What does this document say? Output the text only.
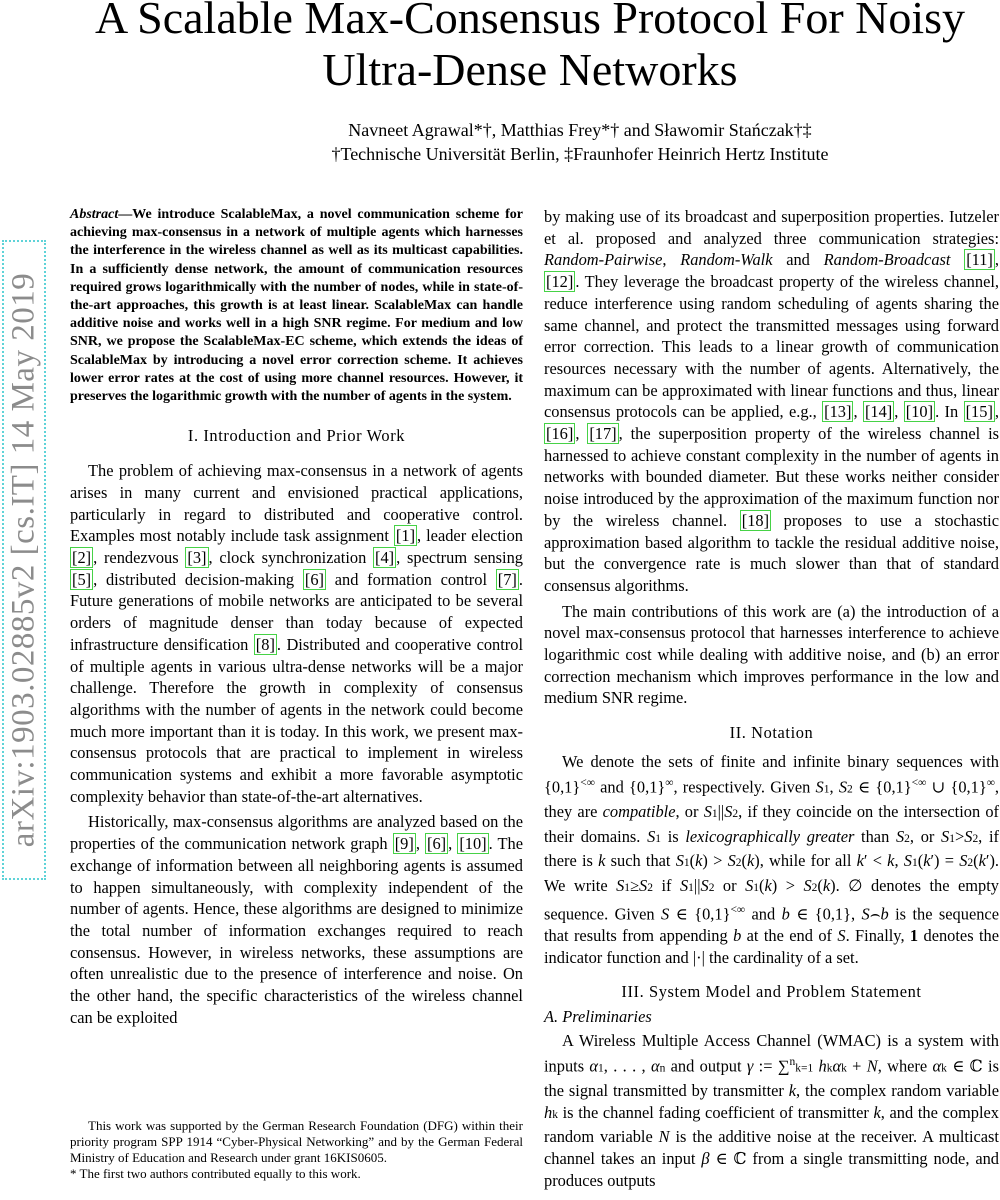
A Scalable Max-Consensus Protocol For Noisy Ultra-Dense Networks
Navneet Agrawal*†, Matthias Frey*† and Sławomir Stańczak†‡
†Technische Universität Berlin, ‡Fraunhofer Heinrich Hertz Institute
arXiv:1903.02885v2 [cs.IT] 14 May 2019

Abstract—We introduce ScalableMax, a novel communication scheme for achieving max-consensus in a network of multiple agents which harnesses the interference in the wireless channel as well as its multicast capabilities. In a sufficiently dense network, the amount of communication resources required grows logarithmically with the number of nodes, while in state-of-the-art approaches, this growth is at least linear. ScalableMax can handle additive noise and works well in a high SNR regime. For medium and low SNR, we propose the ScalableMax-EC scheme, which extends the ideas of ScalableMax by introducing a novel error correction scheme. It achieves lower error rates at the cost of using more channel resources. However, it preserves the logarithmic growth with the number of agents in the system.

I. Introduction and Prior Work

The problem of achieving max-consensus in a network of agents arises in many current and envisioned practical applications, particularly in regard to distributed and cooperative control. Examples most notably include task assignment [1] , leader election [2] , rendezvous [3] , clock synchronization [4] , spectrum sensing [5] , distributed decision-making [6] and formation control [7] . Future generations of mobile networks are anticipated to be several orders of magnitude denser than today because of expected infrastructure densification [8] . Distributed and cooperative control of multiple agents in various ultra-dense networks will be a major challenge. Therefore the growth in complexity of consensus algorithms with the number of agents in the network could become much more important than it is today. In this work, we present max-consensus protocols that are practical to implement in wireless communication systems and exhibit a more favorable asymptotic complexity behavior than state-of-the-art alternatives.

Historically, max-consensus algorithms are analyzed based on the properties of the communication network graph [9] , [6] , [10] . The exchange of information between all neighboring agents is assumed to happen simultaneously, with complexity independent of the number of agents. Hence, these algorithms are designed to minimize the total number of information exchanges required to reach consensus. However, in wireless networks, these assumptions are often unrealistic due to the presence of interference and noise. On the other hand, the specific characteristics of the wireless channel can be exploited

This work was supported by the German Research Foundation (DFG) within their priority program SPP 1914 “Cyber-Physical Networking” and by the German Federal Ministry of Education and Research under grant 16KIS0605.
* The first two authors contributed equally to this work.

by making use of its broadcast and superposition properties. Iutzeler et al. proposed and analyzed three communication strategies: Random-Pairwise, Random-Walk and Random-Broadcast [11] , [12] . They leverage the broadcast property of the wireless channel, reduce interference using random scheduling of agents sharing the same channel, and protect the transmitted messages using forward error correction. This leads to a linear growth of communication resources necessary with the number of agents. Alternatively, the maximum can be approximated with linear functions and thus, linear consensus protocols can be applied, e.g., [13] , [14] , [10] . In [15] , [16] , [17] , the superposition property of the wireless channel is harnessed to achieve constant complexity in the number of agents in networks with bounded diameter. But these works neither consider noise introduced by the approximation of the maximum function nor by the wireless channel. [18] proposes to use a stochastic approximation based algorithm to tackle the residual additive noise, but the convergence rate is much slower than that of standard consensus algorithms.

The main contributions of this work are (a) the introduction of a novel max-consensus protocol that harnesses interference to achieve logarithmic cost while dealing with additive noise, and (b) an error correction mechanism which improves performance in the low and medium SNR regime.

II. Notation

We denote the sets of finite and infinite binary sequences with {0,1}<∞ and {0,1}∞, respectively. Given S1, S2 ∈ {0,1}<∞ ∪ {0,1}∞, they are compatible, or S1||S2, if they coincide on the intersection of their domains. S1 is lexicographically greater than S2, or S1>S2, if there is k such that S1(k) > S2(k), while for all k′ < k, S1(k′) = S2(k′). We write S1≥S2 if S1||S2 or S1(k) > S2(k). ∅ denotes the empty sequence. Given S ∈ {0,1}<∞ and b ∈ {0,1}, S⌢b is the sequence that results from appending b at the end of S. Finally, 1 denotes the indicator function and |·| the cardinality of a set.

III. System Model and Problem Statement

A. Preliminaries

A Wireless Multiple Access Channel (WMAC) is a system with inputs α1, . . . , αn and output γ := ∑$^n$k=1 hkαk + N, where αk ∈ ℂ is the signal transmitted by transmitter k, the complex random variable hk is the channel fading coefficient of transmitter k, and the complex random variable N is the additive noise at the receiver. A multicast channel takes an input β ∈ ℂ from a single transmitting node, and produces outputs
